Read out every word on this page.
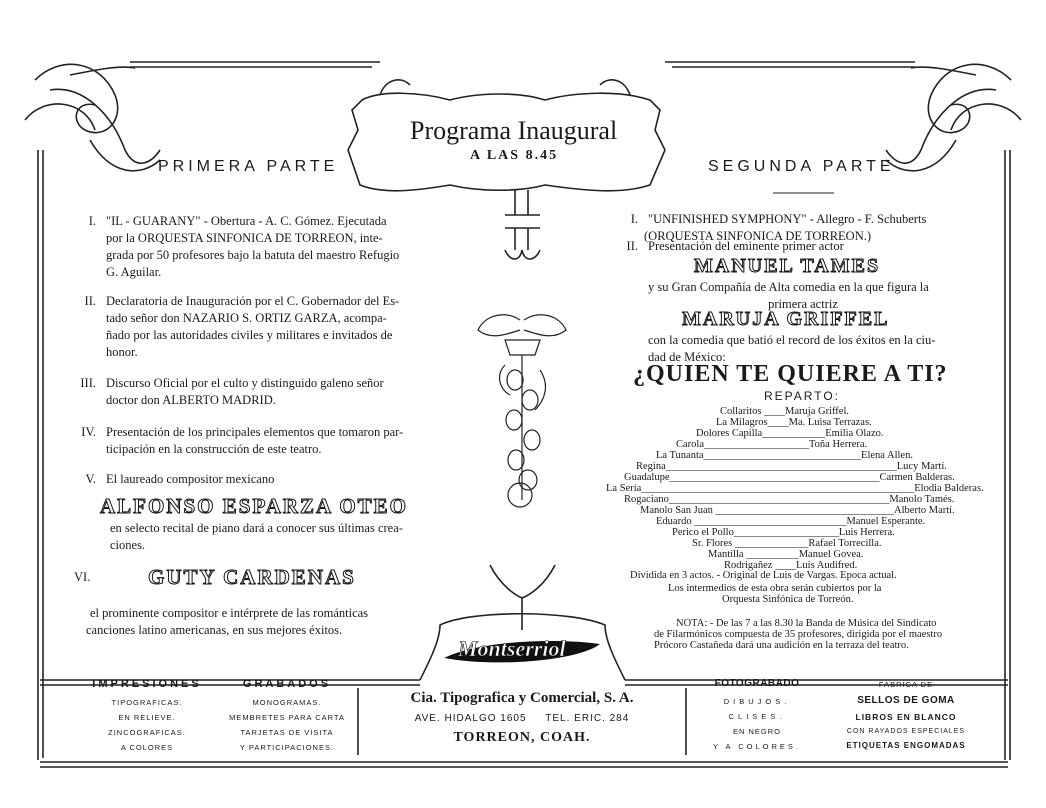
Programa Inaugural
A LAS 8.45
PRIMERA PARTE
I. "IL - GUARANY" - Obertura - A. C. Gómez. Ejecutada
por la ORQUESTA SINFONICA DE TORREON, inte-
grada por 50 profesores bajo la batuta del maestro Refugio
G. Aguilar.
II. Declaratoria de Inauguración por el C. Gobernador del Es-
tado señor don NAZARIO S. ORTIZ GARZA, acompa-
ñado por las autoridades civiles y militares e invitados de
honor.
III. Discurso Oficial por el culto y distinguido galeno señor
doctor don ALBERTO MADRID.
IV. Presentación de los principales elementos que tomaron par-
ticipación en la construcción de este teatro.
V. El laureado compositor mexicano
ALFONSO ESPARZA OTEO
en selecto recital de piano dará a conocer sus últimas crea-
ciones.
VI.	GUTY CARDENAS
el prominente compositor e intérprete de las románticas
canciones latino americanas, en sus mejores éxitos.
SEGUNDA PARTE
I. "UNFINISHED SYMPHONY" - Allegro - F. Schuberts
(ORQUESTA SINFONICA DE TORREON.)
II. Presentación del eminente primer actor
MANUEL TAMES
y su Gran Compañía de Alta comedia en la que figura la
primera actriz
MARUJA GRIFFEL
con la comedia que batió el record de los éxitos en la ciu-
dad de México:
¿QUIEN TE QUIERE A TI?
REPARTO:
Collaritos ____Maruja Griffel.
La Milagros____Ma. Luisa Terrazas.
Dolores Capilla____________Emilia Olazo.
Carola____________________Toña Herrera.
La Tunanta______________________________Elena Allen.
Regina____________________________________________Lucy Martí.
Guadalupe________________________________________Carmen Balderas.
La Seria____________________________________________________Elodia Balderas.
Rogaciano__________________________________________Manolo Tamés.
Manolo San Juan __________________________________Alberto Martí.
Eduardo _____________________________Manuel Esperante.
Perico el Pollo____________________Luis Herrera.
Sr. Flores ______________Rafael Torrecilla.
Mantilla __________Manuel Govea.
Rodrigañez ____Luis Audifred.
Dividida en 3 actos. - Original de Luis de Vargas. Epoca actual.
Los intermedios de esta obra serán cubiertos por la
Orquesta Sinfónica de Torreón.
NOTA: - De las 7 a las 8.30 la Banda de Música del Sindicato
de Filarmónicos compuesta de 35 profesores, dirigida por el maestro
Prócoro Castañeda dará una audición en la terraza del teatro.
Montserriol
IMPRESIONES
TIPOGRAFICAS.
EN RELIEVE.
ZINCOGRAFICAS.
A COLORES
GRABADOS
MONOGRAMAS.
MEMBRETES PARA CARTA
TARJETAS DE VISITA
Y PARTICIPACIONES.
Cia. Tipografica y Comercial, S. A.
AVE. HIDALGO 1605     TEL. ERIC. 284
TORREON, COAH.
FOTOGRABADO
DIBUJOS.
CLISES.
EN NEGRO
Y A COLORES.
FABRICA DE
SELLOS DE GOMA
LIBROS EN BLANCO
CON RAYADOS ESPECIALES
ETIQUETAS ENGOMADAS
